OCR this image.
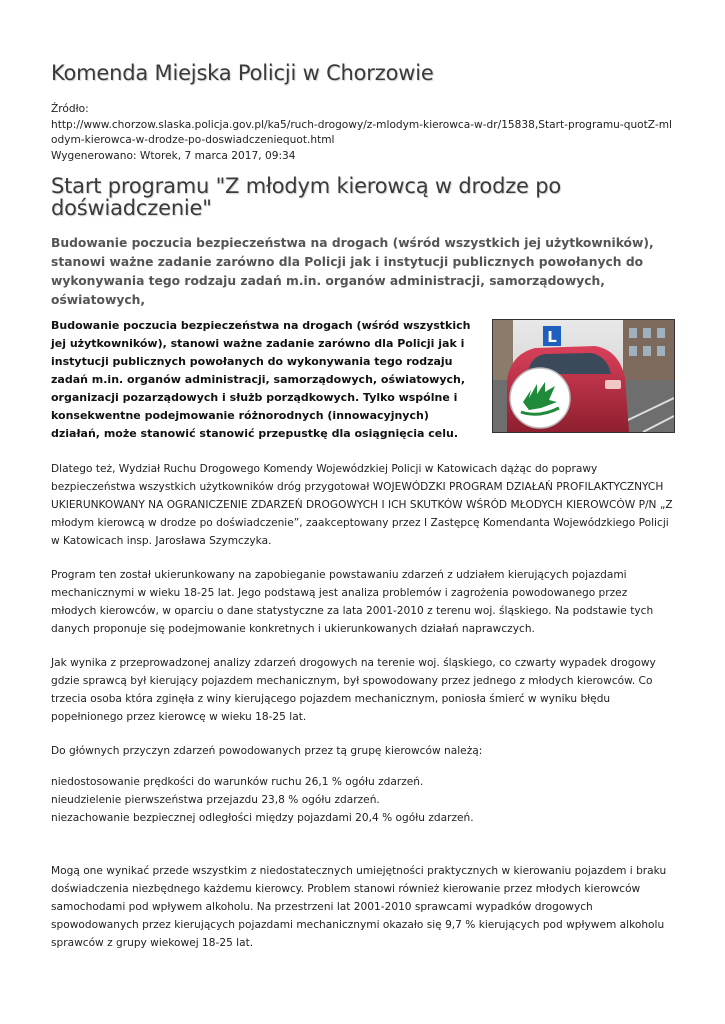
Komenda Miejska Policji w Chorzowie
Źródło:
http://www.chorzow.slaska.policja.gov.pl/ka5/ruch-drogowy/z-mlodym-kierowca-w-dr/15838,Start-programu-quotZ-mlodym-kierowca-w-drodze-po-doswiadczeniequot.html
Wygenerowano: Wtorek, 7 marca 2017, 09:34
Start programu "Z młodym kierowcą w drodze po doświadczenie"
Budowanie poczucia bezpieczeństwa na drogach (wśród wszystkich jej użytkowników), stanowi ważne zadanie zarówno dla Policji jak i instytucji publicznych powołanych do wykonywania tego rodzaju zadań m.in. organów administracji, samorządowych, oświatowych,
Budowanie poczucia bezpieczeństwa na drogach (wśród wszystkich jej użytkowników), stanowi ważne zadanie zarówno dla Policji jak i instytucji publicznych powołanych do wykonywania tego rodzaju zadań m.in. organów administracji, samorządowych, oświatowych, organizacji pozarządowych i służb porządkowych. Tylko wspólne i konsekwentne podejmowanie różnorodnych (innowacyjnych) działań, może stanowić stanowić przepustkę dla osiągnięcia celu.
L

Dlatego też, Wydział Ruchu Drogowego Komendy Wojewódzkiej Policji w Katowicach dążąc do poprawy bezpieczeństwa wszystkich użytkowników dróg przygotował WOJEWÓDZKI PROGRAM DZIAŁAŃ PROFILAKTYCZNYCH UKIERUNKOWANY NA OGRANICZENIE ZDARZEŃ DROGOWYCH I ICH SKUTKÓW WŚRÓD MŁODYCH KIEROWCÓW P/N „Z młodym kierowcą w drodze po doświadczenie”, zaakceptowany przez I Zastępcę Komendanta Wojewódzkiego Policji w Katowicach insp. Jarosława Szymczyka.

Program ten został ukierunkowany na zapobieganie powstawaniu zdarzeń z udziałem kierujących pojazdami mechanicznymi w wieku 18-25 lat. Jego podstawą jest analiza problemów i zagrożenia powodowanego przez młodych kierowców, w oparciu o dane statystyczne za lata 2001-2010 z terenu woj. śląskiego. Na podstawie tych danych proponuje się podejmowanie konkretnych i ukierunkowanych działań naprawczych.

Jak wynika z przeprowadzonej analizy zdarzeń drogowych na terenie woj. śląskiego, co czwarty wypadek drogowy gdzie sprawcą był kierujący pojazdem mechanicznym, był spowodowany przez jednego z młodych kierowców. Co trzecia osoba która zginęła z winy kierującego pojazdem mechanicznym, poniosła śmierć w wyniku błędu popełnionego przez kierowcę w wieku 18-25 lat.

Do głównych przyczyn zdarzeń powodowanych przez tą grupę kierowców należą:

niedostosowanie prędkości do warunków ruchu 26,1 % ogółu zdarzeń.

nieudzielenie pierwszeństwa przejazdu 23,8 % ogółu zdarzeń.

niezachowanie bezpiecznej odległości między pojazdami 20,4 % ogółu zdarzeń.

Mogą one wynikać przede wszystkim z niedostatecznych umiejętności praktycznych w kierowaniu pojazdem i braku doświadczenia niezbędnego każdemu kierowcy. Problem stanowi również kierowanie przez młodych kierowców samochodami pod wpływem alkoholu. Na przestrzeni lat 2001-2010 sprawcami wypadków drogowych spowodowanych przez kierujących pojazdami mechanicznymi okazało się 9,7 % kierujących pod wpływem alkoholu sprawców z grupy wiekowej 18-25 lat.
